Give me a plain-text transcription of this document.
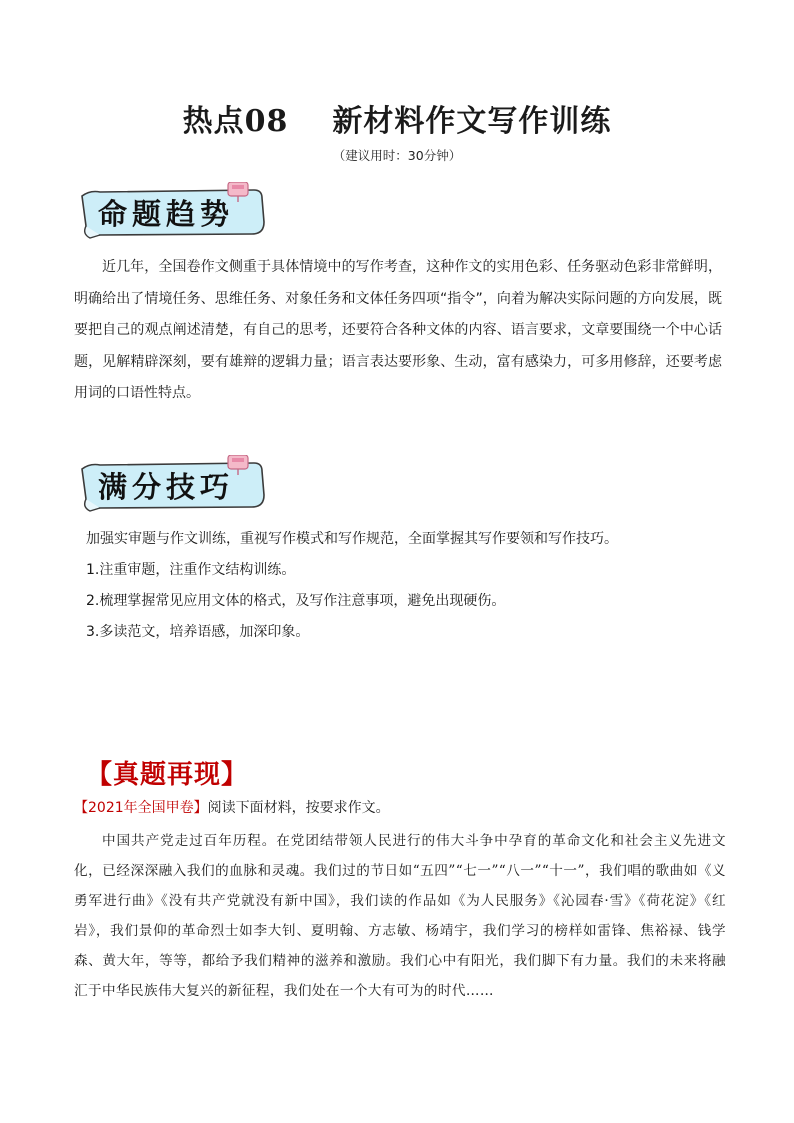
热点08 新材料作文写作训练
（建议用时：30分钟）
命题趋势
近几年，全国卷作文侧重于具体情境中的写作考查，这种作文的实用色彩、任务驱动色彩非常鲜明，明确给出了情境任务、思维任务、对象任务和文体任务四项“指令”，向着为解决实际问题的方向发展，既要把自己的观点阐述清楚，有自己的思考，还要符合各种文体的内容、语言要求，文章要围绕一个中心话题，见解精辟深刻，要有雄辩的逻辑力量；语言表达要形象、生动，富有感染力，可多用修辞，还要考虑用词的口语性特点。
满分技巧
加强实审题与作文训练，重视写作模式和写作规范，全面掌握其写作要领和写作技巧。
1.注重审题，注重作文结构训练。
2.梳理掌握常见应用文体的格式，及写作注意事项，避免出现硬伤。
3.多读范文，培养语感，加深印象。
【真题再现】
【2021年全国甲卷】阅读下面材料，按要求作文。
中国共产党走过百年历程。在党团结带领人民进行的伟大斗争中孕育的革命文化和社会主义先进文化，已经深深融入我们的血脉和灵魂。我们过的节日如“五四”“七一”“八一”“十一”，我们唱的歌曲如《义勇军进行曲》《没有共产党就没有新中国》，我们读的作品如《为人民服务》《沁园春·雪》《荷花淀》《红岩》，我们景仰的革命烈士如李大钊、夏明翰、方志敏、杨靖宇，我们学习的榜样如雷锋、焦裕禄、钱学森、黄大年，等等，都给予我们精神的滋养和激励。我们心中有阳光，我们脚下有力量。我们的未来将融汇于中华民族伟大复兴的新征程，我们处在一个大有可为的时代……
